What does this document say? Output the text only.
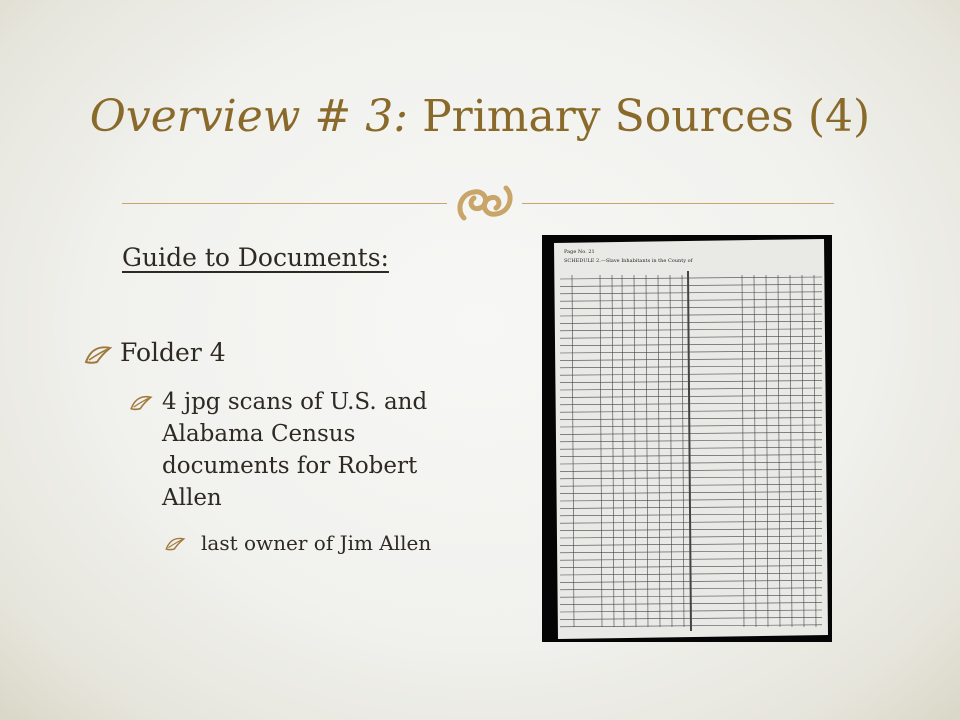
Overview # 3: Primary Sources (4)
Guide to Documents:
Folder 4
4 jpg scans of U.S. and Alabama Census documents for Robert Allen
last owner of Jim Allen
Page No. 21
SCHEDULE 2.—Slave Inhabitants in the County of
